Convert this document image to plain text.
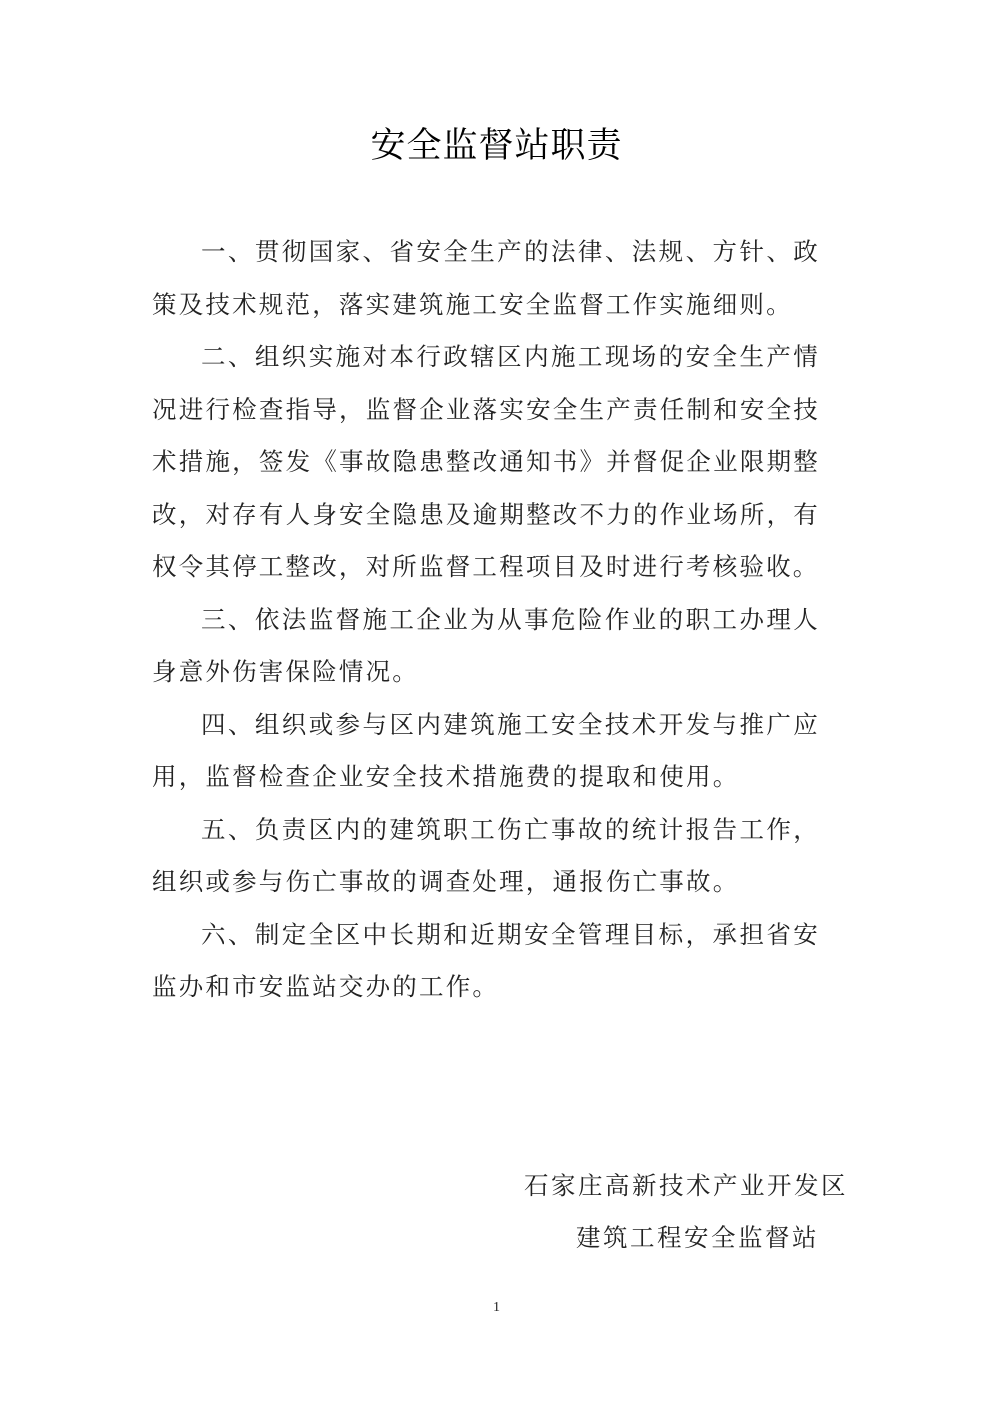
安全监督站职责

一、贯彻国家、省安全生产的法律、法规、方针、政策及技术规范，落实建筑施工安全监督工作实施细则。

二、组织实施对本行政辖区内施工现场的安全生产情况进行检查指导，监督企业落实安全生产责任制和安全技术措施，签发《事故隐患整改通知书》并督促企业限期整改，对存有人身安全隐患及逾期整改不力的作业场所，有权令其停工整改，对所监督工程项目及时进行考核验收。

三、依法监督施工企业为从事危险作业的职工办理人身意外伤害保险情况。

四、组织或参与区内建筑施工安全技术开发与推广应用，监督检查企业安全技术措施费的提取和使用。

五、负责区内的建筑职工伤亡事故的统计报告工作，组织或参与伤亡事故的调查处理，通报伤亡事故。

六、制定全区中长期和近期安全管理目标，承担省安监办和市安监站交办的工作。

石家庄高新技术产业开发区
建筑工程安全监督站
1
